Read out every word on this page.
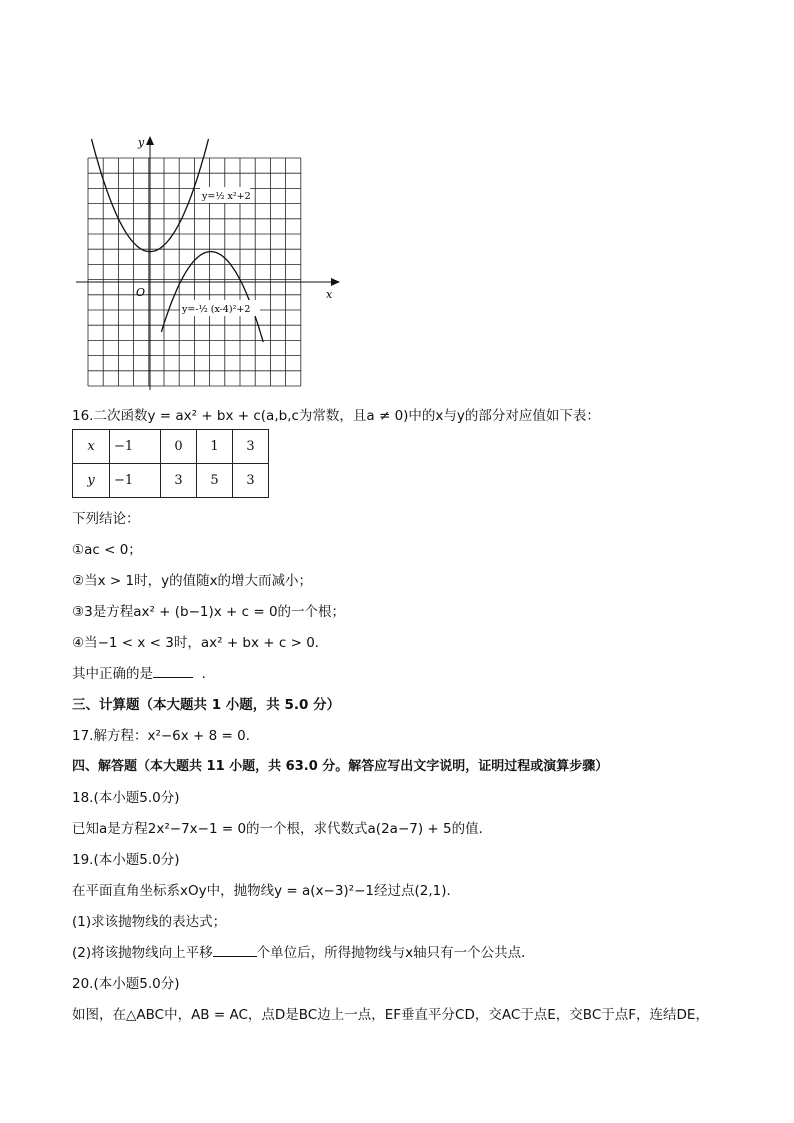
y
x
O
y=½ x²+2
y=-½ (x-4)²+2
16.二次函数y = ax² + bx + c(a,b,c为常数，且a ≠ 0)中的x与y的部分对应值如下表：
x	−1	0	1	3
y	−1	3	5	3
下列结论：
①ac < 0；
②当x > 1时，y的值随x的增大而减小；
③3是方程ax² + (b−1)x + c = 0的一个根；
④当−1 < x < 3时，ax² + bx + c > 0．
其中正确的是	．
三、计算题（本大题共 1 小题，共 5.0 分）
17.解方程：x²−6x + 8 = 0．
四、解答题（本大题共 11 小题，共 63.0 分。解答应写出文字说明，证明过程或演算步骤）
18.(本小题5.0分)
已知a是方程2x²−7x−1 = 0的一个根，求代数式a(2a−7) + 5的值．
19.(本小题5.0分)
在平面直角坐标系xOy中，抛物线y = a(x−3)²−1经过点(2,1)．
(1)求该抛物线的表达式；
(2)将该抛物线向上平移	个单位后，所得抛物线与x轴只有一个公共点．
20.(本小题5.0分)
如图，在△ABC中，AB = AC，点D是BC边上一点，EF垂直平分CD，交AC于点E，交BC于点F，连结DE，
